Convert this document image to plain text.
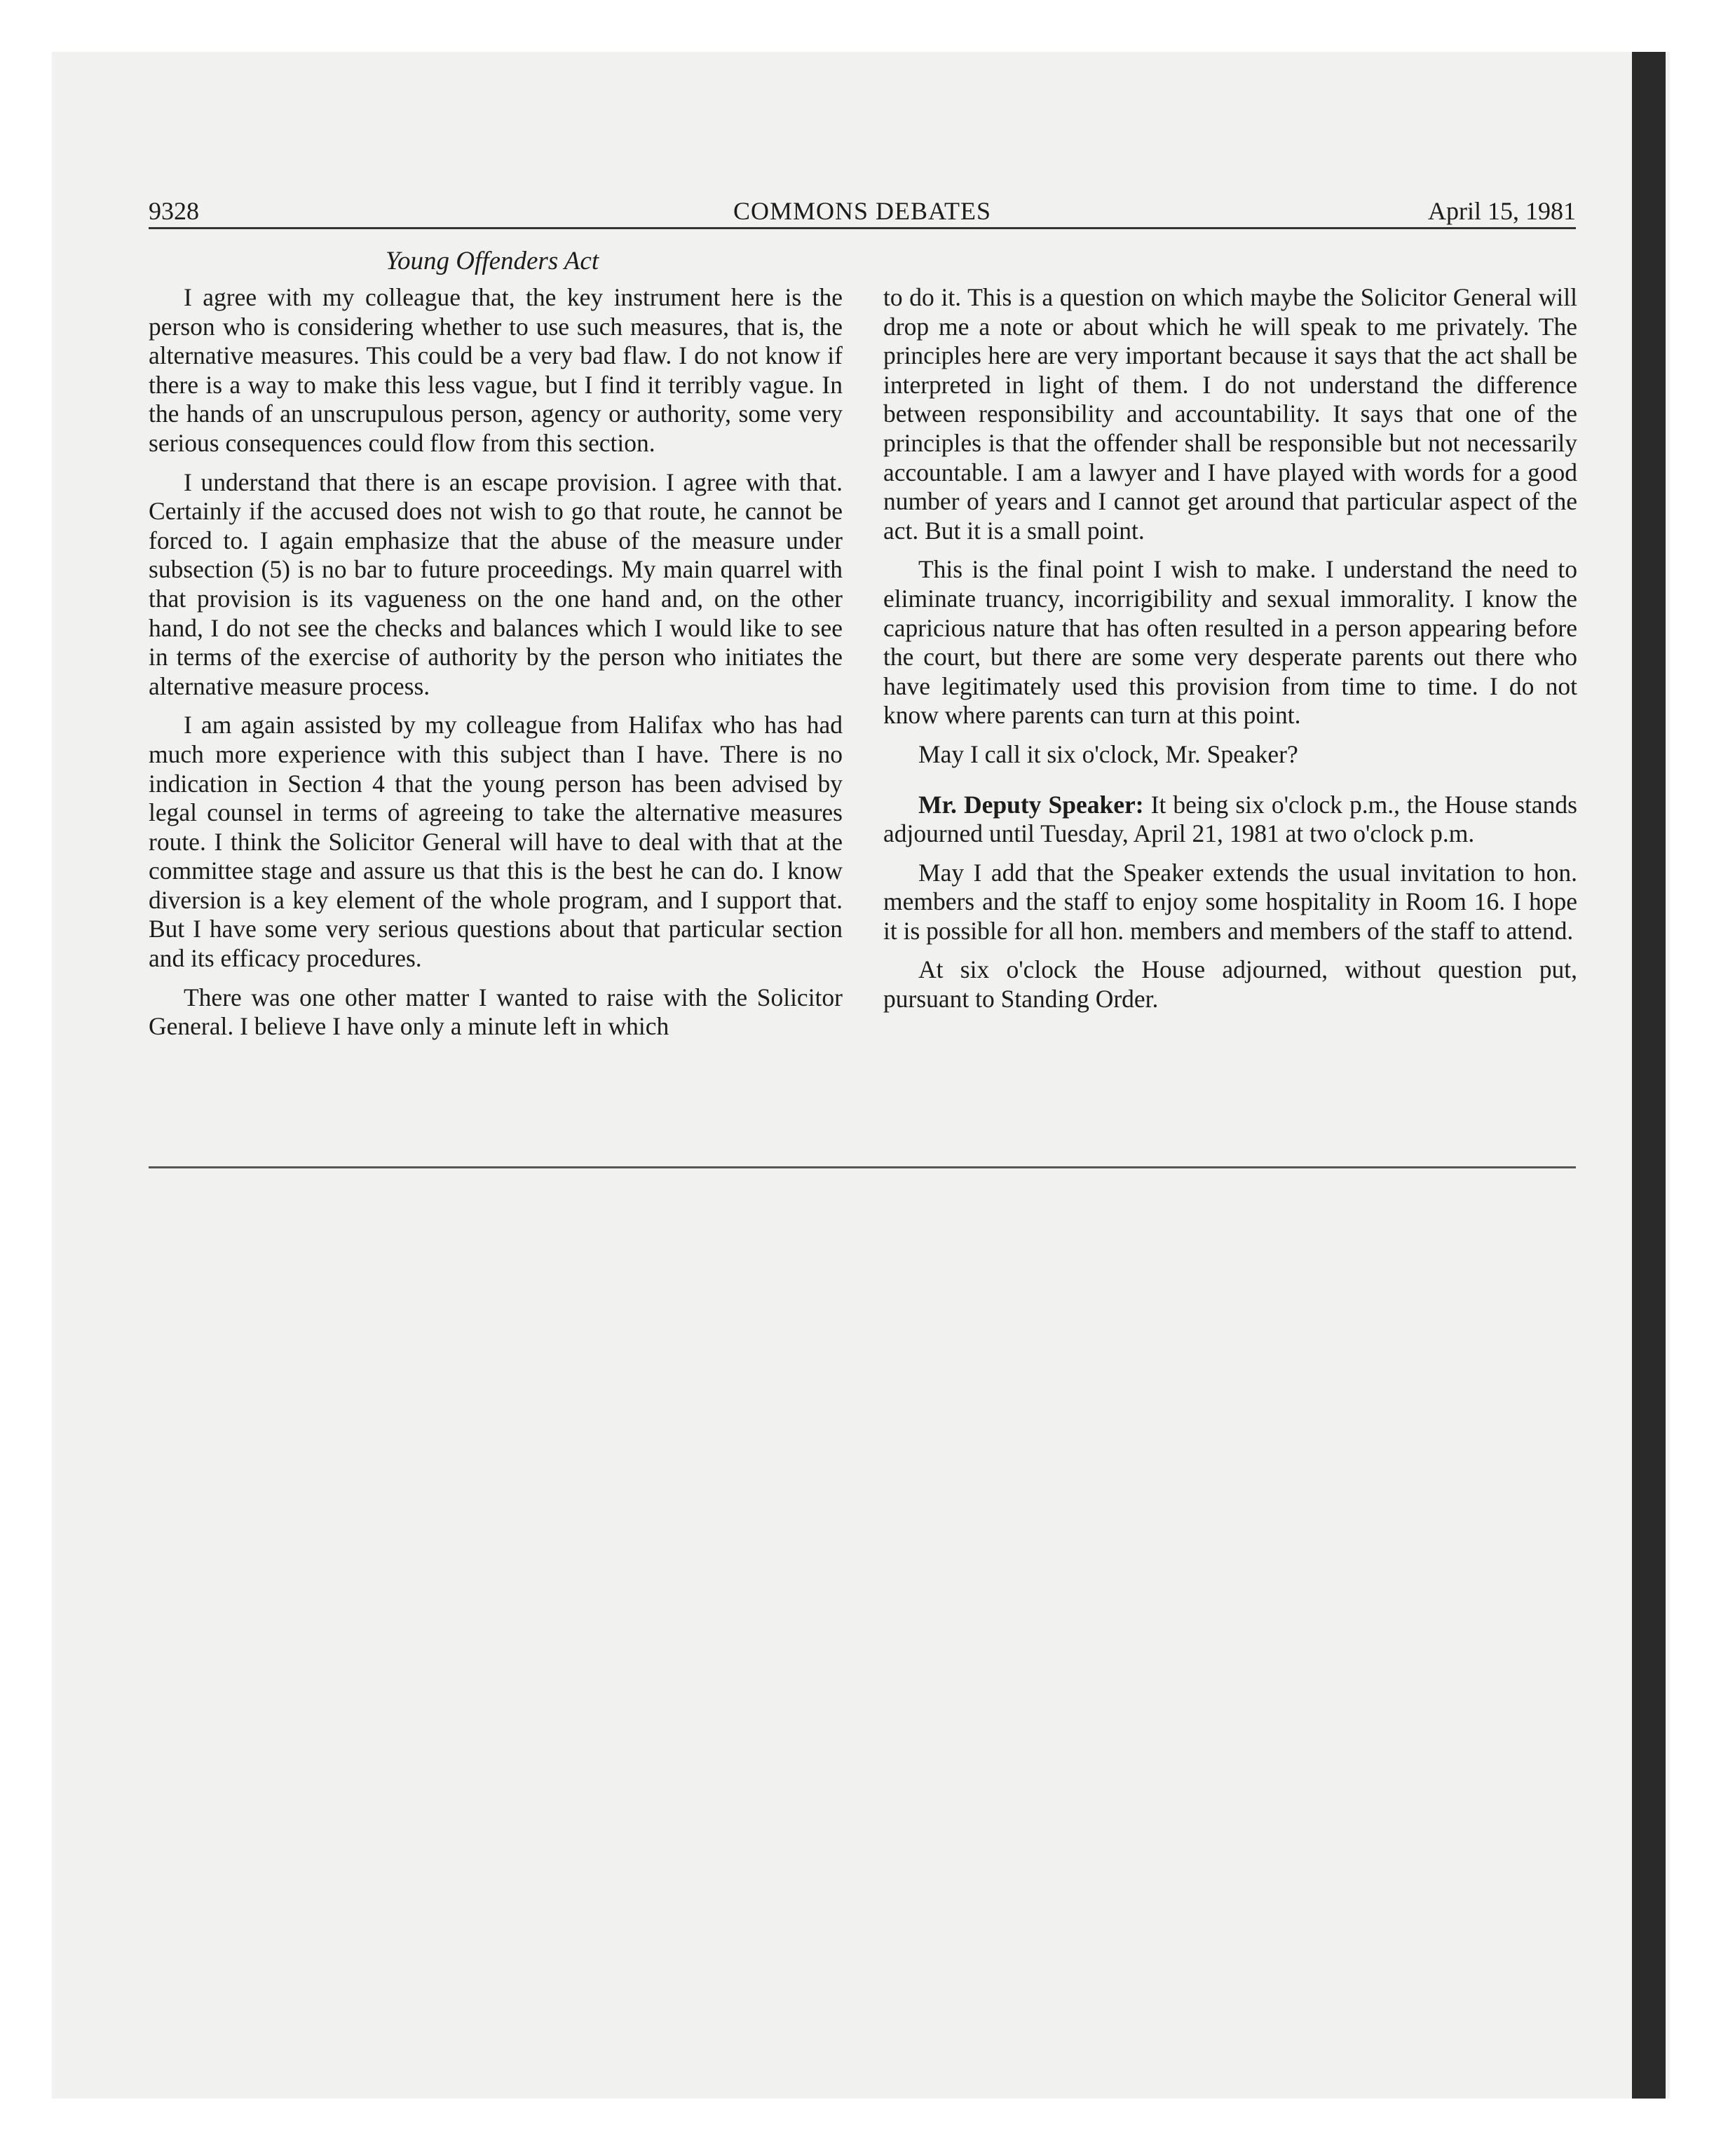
9328	COMMONS DEBATES	April 15, 1981
Young Offenders Act

I agree with my colleague that, the key instrument here is the person who is considering whether to use such measures, that is, the alternative measures. This could be a very bad flaw. I do not know if there is a way to make this less vague, but I find it terribly vague. In the hands of an unscrupulous person, agency or authority, some very serious consequences could flow from this section.

I understand that there is an escape provision. I agree with that. Certainly if the accused does not wish to go that route, he cannot be forced to. I again emphasize that the abuse of the measure under subsection (5) is no bar to future proceedings. My main quarrel with that provision is its vagueness on the one hand and, on the other hand, I do not see the checks and balances which I would like to see in terms of the exercise of authority by the person who initiates the alternative measure process.

I am again assisted by my colleague from Halifax who has had much more experience with this subject than I have. There is no indication in Section 4 that the young person has been advised by legal counsel in terms of agreeing to take the alternative measures route. I think the Solicitor General will have to deal with that at the committee stage and assure us that this is the best he can do. I know diversion is a key element of the whole program, and I support that. But I have some very serious questions about that particular section and its efficacy procedures.

There was one other matter I wanted to raise with the Solicitor General. I believe I have only a minute left in which

to do it. This is a question on which maybe the Solicitor General will drop me a note or about which he will speak to me privately. The principles here are very important because it says that the act shall be interpreted in light of them. I do not understand the difference between responsibility and accountability. It says that one of the principles is that the offender shall be responsible but not necessarily accountable. I am a lawyer and I have played with words for a good number of years and I cannot get around that particular aspect of the act. But it is a small point.

This is the final point I wish to make. I understand the need to eliminate truancy, incorrigibility and sexual immorality. I know the capricious nature that has often resulted in a person appearing before the court, but there are some very desperate parents out there who have legitimately used this provision from time to time. I do not know where parents can turn at this point.

May I call it six o'clock, Mr. Speaker?

Mr. Deputy Speaker: It being six o'clock p.m., the House stands adjourned until Tuesday, April 21, 1981 at two o'clock p.m.

May I add that the Speaker extends the usual invitation to hon. members and the staff to enjoy some hospitality in Room 16. I hope it is possible for all hon. members and members of the staff to attend.

At six o'clock the House adjourned, without question put, pursuant to Standing Order.
